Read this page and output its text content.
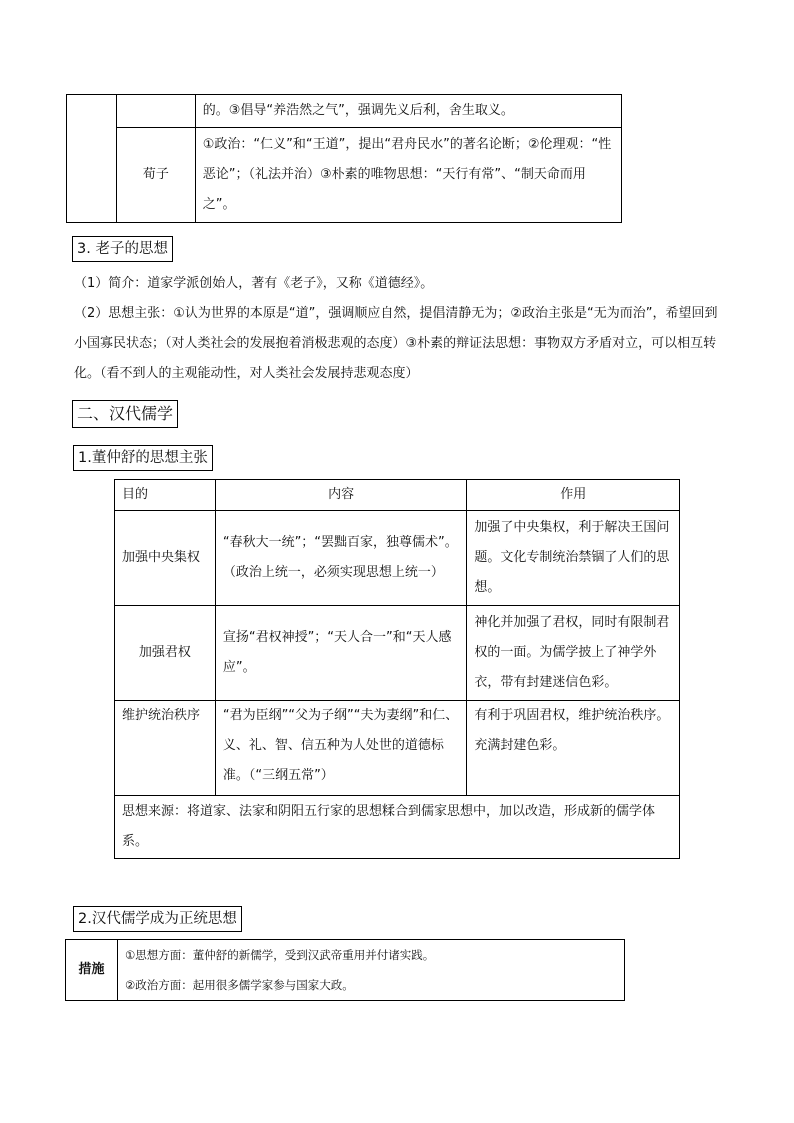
		的。③倡导“养浩然之气”，强调先义后利，舍生取义。
	荀子	①政治：“仁义”和“王道”，提出“君舟民水”的著名论断；②伦理观：“性恶论”；（礼法并治）③朴素的唯物思想：“天行有常”、“制天命而用之”。
3. 老子的思想
（1）简介：道家学派创始人，著有《老子》，又称《道德经》。
（2）思想主张：①认为世界的本原是“道”，强调顺应自然，提倡清静无为；②政治主张是“无为而治”，希望回到小国寡民状态；（对人类社会的发展抱着消极悲观的态度）③朴素的辩证法思想：事物双方矛盾对立，可以相互转化。（看不到人的主观能动性，对人类社会发展持悲观态度）
二、汉代儒学
1.董仲舒的思想主张
目的	内容	作用
加强中央集权	“春秋大一统”；“罢黜百家，独尊儒术”。（政治上统一，必须实现思想上统一）	加强了中央集权，利于解决王国问题。文化专制统治禁锢了人们的思想。
加强君权	宣扬“君权神授”；“天人合一”和“天人感应”。	神化并加强了君权，同时有限制君权的一面。为儒学披上了神学外衣，带有封建迷信色彩。
维护统治秩序	“君为臣纲”“父为子纲”“夫为妻纲”和仁、义、礼、智、信五种为人处世的道德标准。（“三纲五常”）	有利于巩固君权，维护统治秩序。充满封建色彩。
思想来源：将道家、法家和阴阳五行家的思想糅合到儒家思想中，加以改造，形成新的儒学体系。		
2.汉代儒学成为正统思想
措施	①思想方面：董仲舒的新儒学，受到汉武帝重用并付诸实践。
②政治方面：起用很多儒学家参与国家大政。
